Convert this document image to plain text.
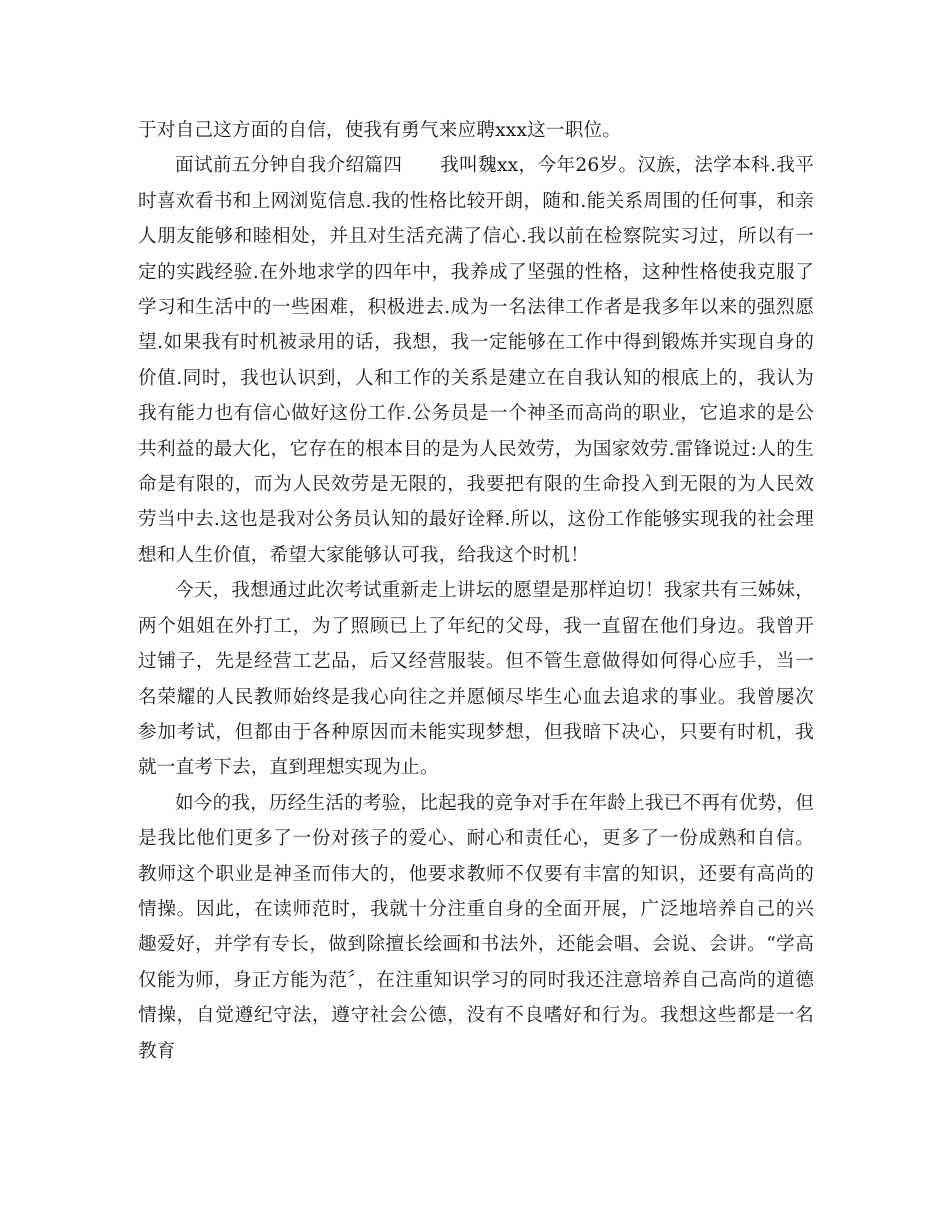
于对自己这方面的自信，使我有勇气来应聘xxx这一职位。

面试前五分钟自我介绍篇四　　我叫魏xx，今年26岁。汉族，法学本科.我平时喜欢看书和上网浏览信息.我的性格比较开朗，随和.能关系周围的任何事，和亲人朋友能够和睦相处，并且对生活充满了信心.我以前在检察院实习过，所以有一定的实践经验.在外地求学的四年中，我养成了坚强的性格，这种性格使我克服了学习和生活中的一些困难，积极进去.成为一名法律工作者是我多年以来的强烈愿望.如果我有时机被录用的话，我想，我一定能够在工作中得到锻炼并实现自身的价值.同时，我也认识到，人和工作的关系是建立在自我认知的根底上的，我认为我有能力也有信心做好这份工作.公务员是一个神圣而高尚的职业，它追求的是公共利益的最大化，它存在的根本目的是为人民效劳，为国家效劳.雷锋说过:人的生命是有限的，而为人民效劳是无限的，我要把有限的生命投入到无限的为人民效劳当中去.这也是我对公务员认知的最好诠释.所以，这份工作能够实现我的社会理想和人生价值，希望大家能够认可我，给我这个时机！

今天，我想通过此次考试重新走上讲坛的愿望是那样迫切！我家共有三姊妹，两个姐姐在外打工，为了照顾已上了年纪的父母，我一直留在他们身边。我曾开过铺子，先是经营工艺品，后又经营服装。但不管生意做得如何得心应手，当一名荣耀的人民教师始终是我心向往之并愿倾尽毕生心血去追求的事业。我曾屡次参加考试，但都由于各种原因而未能实现梦想，但我暗下决心，只要有时机，我就一直考下去，直到理想实现为止。

如今的我，历经生活的考验，比起我的竞争对手在年龄上我已不再有优势，但是我比他们更多了一份对孩子的爱心、耐心和责任心，更多了一份成熟和自信。教师这个职业是神圣而伟大的，他要求教师不仅要有丰富的知识，还要有高尚的情操。因此，在读师范时，我就十分注重自身的全面开展，广泛地培养自己的兴趣爱好，并学有专长，做到除擅长绘画和书法外，还能会唱、会说、会讲。“学高仅能为师，身正方能为范〞，在注重知识学习的同时我还注意培养自己高尚的道德情操，自觉遵纪守法，遵守社会公德，没有不良嗜好和行为。我想这些都是一名教育
